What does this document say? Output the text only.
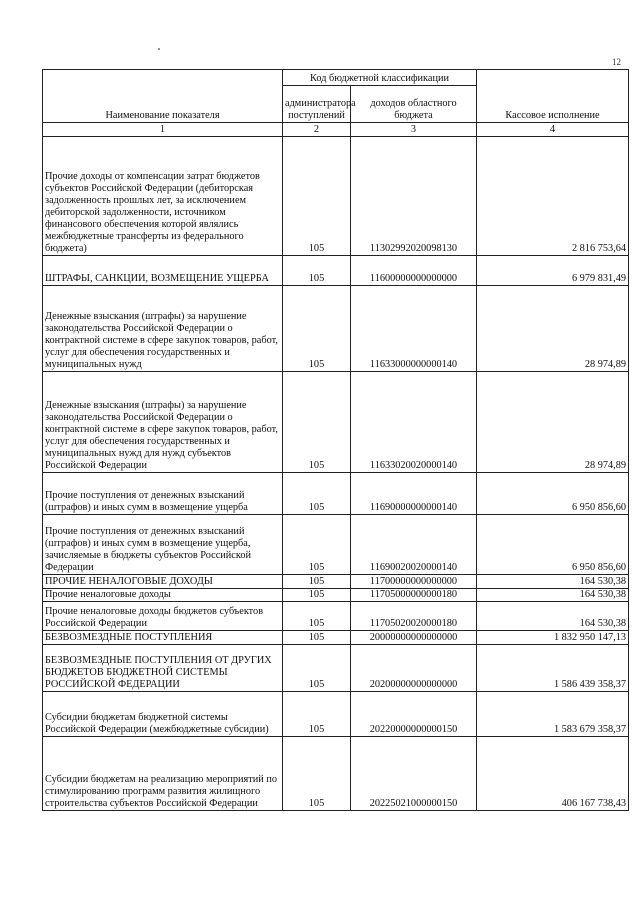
12
Наименование показателя	Код бюджетной классификации		Кассовое исполнение
	администратора поступлений	доходов областного бюджета	
1	2	3	4
Прочие доходы от компенсации затрат бюджетов субъектов Российской Федерации (дебиторская задолженность прошлых лет, за исключением дебиторской задолженности, источником финансового обеспечения которой являлись межбюджетные трансферты из федерального бюджета)	105	11302992020098130	2 816 753,64
ШТРАФЫ, САНКЦИИ, ВОЗМЕЩЕНИЕ УЩЕРБА	105	11600000000000000	6 979 831,49
Денежные взыскания (штрафы) за нарушение законодательства Российской Федерации о контрактной системе в сфере закупок товаров, работ, услуг для обеспечения государственных и муниципальных нужд	105	11633000000000140	28 974,89
Денежные взыскания (штрафы) за нарушение законодательства Российской Федерации о контрактной системе в сфере закупок товаров, работ, услуг для обеспечения государственных и муниципальных нужд для нужд субъектов Российской Федерации	105	11633020020000140	28 974,89
Прочие поступления от денежных взысканий (штрафов) и иных сумм в возмещение ущерба	105	11690000000000140	6 950 856,60
Прочие поступления от денежных взысканий (штрафов) и иных сумм в возмещение ущерба, зачисляемые в бюджеты субъектов Российской Федерации	105	11690020020000140	6 950 856,60
ПРОЧИЕ НЕНАЛОГОВЫЕ ДОХОДЫ	105	11700000000000000	164 530,38
Прочие неналоговые доходы	105	11705000000000180	164 530,38
Прочие неналоговые доходы бюджетов субъектов Российской Федерации	105	11705020020000180	164 530,38
БЕЗВОЗМЕЗДНЫЕ ПОСТУПЛЕНИЯ	105	20000000000000000	1 832 950 147,13
БЕЗВОЗМЕЗДНЫЕ ПОСТУПЛЕНИЯ ОТ ДРУГИХ БЮДЖЕТОВ БЮДЖЕТНОЙ СИСТЕМЫ РОССИЙСКОЙ ФЕДЕРАЦИИ	105	20200000000000000	1 586 439 358,37
Субсидии бюджетам бюджетной системы Российской Федерации (межбюджетные субсидии)	105	20220000000000150	1 583 679 358,37
Субсидии бюджетам на реализацию мероприятий по стимулированию программ развития жилищного строительства субъектов Российской Федерации	105	20225021000000150	406 167 738,43
